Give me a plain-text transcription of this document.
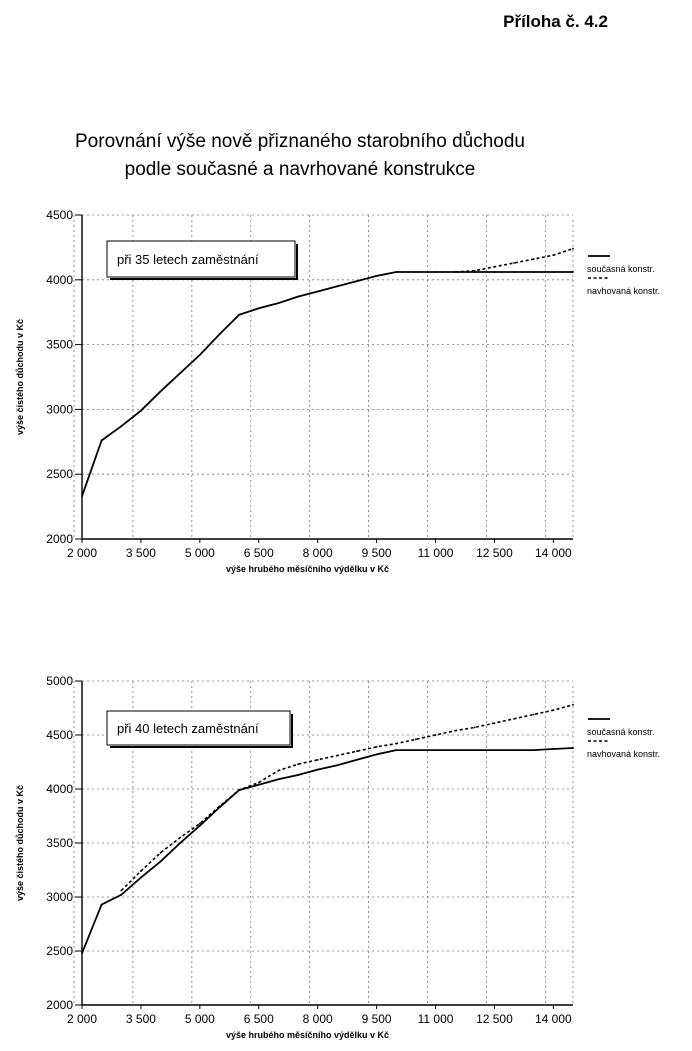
Příloha č. 4.2
Porovnání výše nově přiznaného starobního důchodu
podle současné a navrhované konstrukce
2000
2500
3000
3500
4000
4500
2 000 3 500 5 000 6 500 8 000 9 500 11 000 12 500 14 000
výše hrubého měsíčního výdělku v Kč
výše čistého důchodu v Kč
při 35 letech zaměstnání
současná konstr.
navhovaná konstr.
2000
2500
3000
3500
4000
4500
5000
2 000 3 500 5 000 6 500 8 000 9 500 11 000 12 500 14 000
výše hrubého měsíčního výdělku v Kč
výše čistého důchodu v Kč
při 40 letech zaměstnání	současná konstr.
navhovaná konstr.
